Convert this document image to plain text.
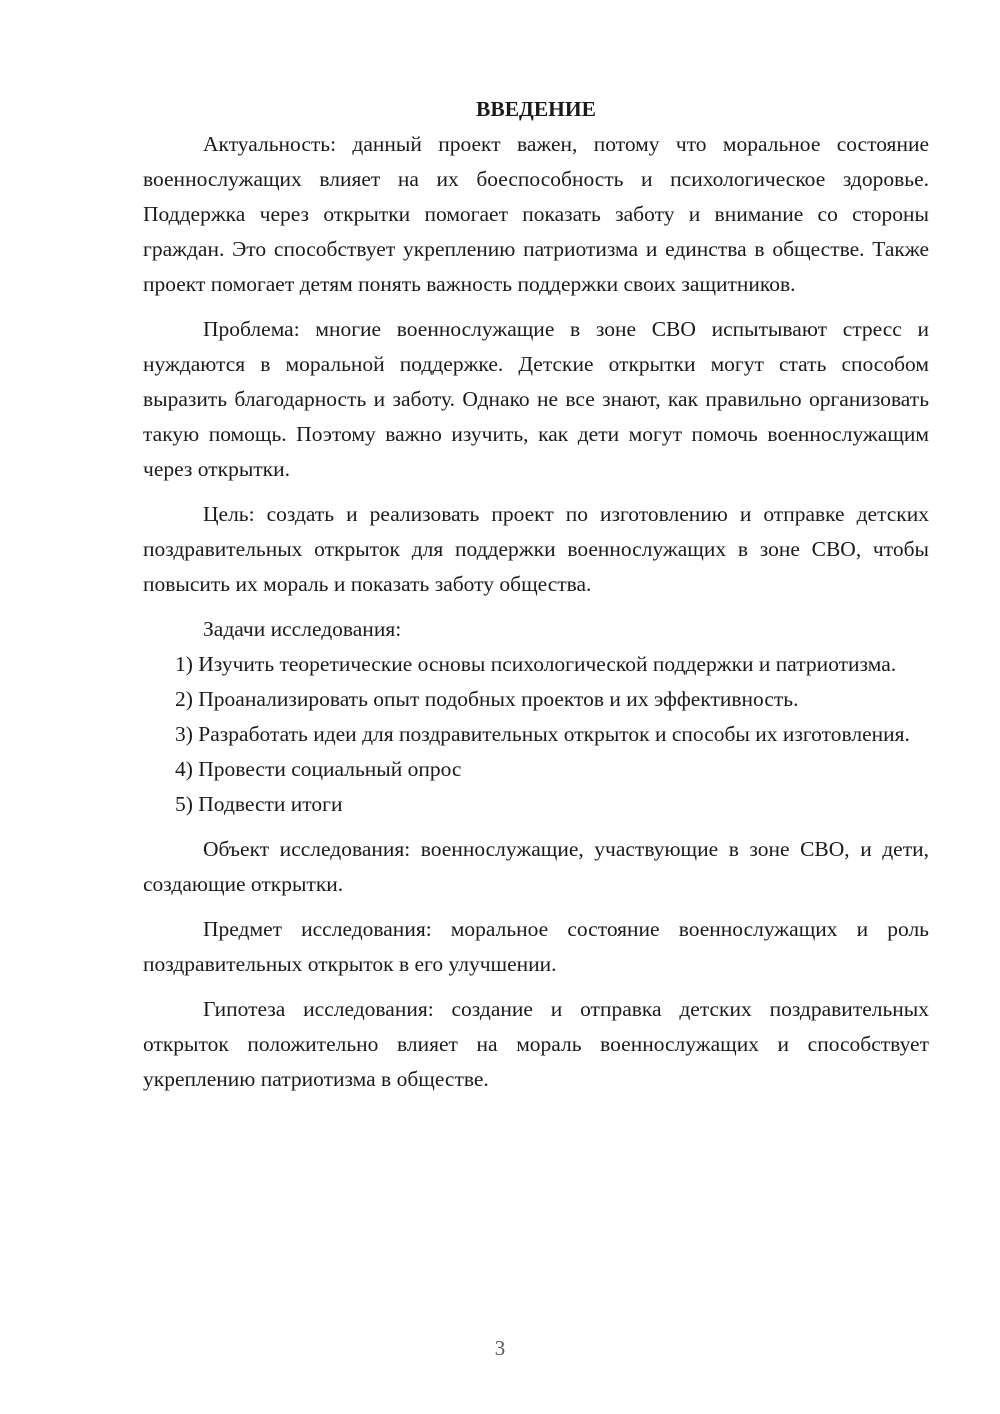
ВВЕДЕНИЕ

Актуальность: данный проект важен, потому что моральное состояние военнослужащих влияет на их боеспособность и психологическое здоровье. Поддержка через открытки помогает показать заботу и внимание со стороны граждан. Это способствует укреплению патриотизма и единства в обществе. Также проект помогает детям понять важность поддержки своих защитников.

Проблема: многие военнослужащие в зоне СВО испытывают стресс и нуждаются в моральной поддержке. Детские открытки могут стать способом выразить благодарность и заботу. Однако не все знают, как правильно организовать такую помощь. Поэтому важно изучить, как дети могут помочь военнослужащим через открытки.

Цель: создать и реализовать проект по изготовлению и отправке детских поздравительных открыток для поддержки военнослужащих в зоне СВО, чтобы повысить их мораль и показать заботу общества.

Задачи исследования:

1) Изучить теоретические основы психологической поддержки и патриотизма.

2) Проанализировать опыт подобных проектов и их эффективность.

3) Разработать идеи для поздравительных открыток и способы их изготовления.

4) Провести социальный опрос

5) Подвести итоги

Объект исследования: военнослужащие, участвующие в зоне СВО, и дети, создающие открытки.

Предмет исследования: моральное состояние военнослужащих и роль поздравительных открыток в его улучшении.

Гипотеза исследования: создание и отправка детских поздравительных открыток положительно влияет на мораль военнослужащих и способствует укреплению патриотизма в обществе.

3
